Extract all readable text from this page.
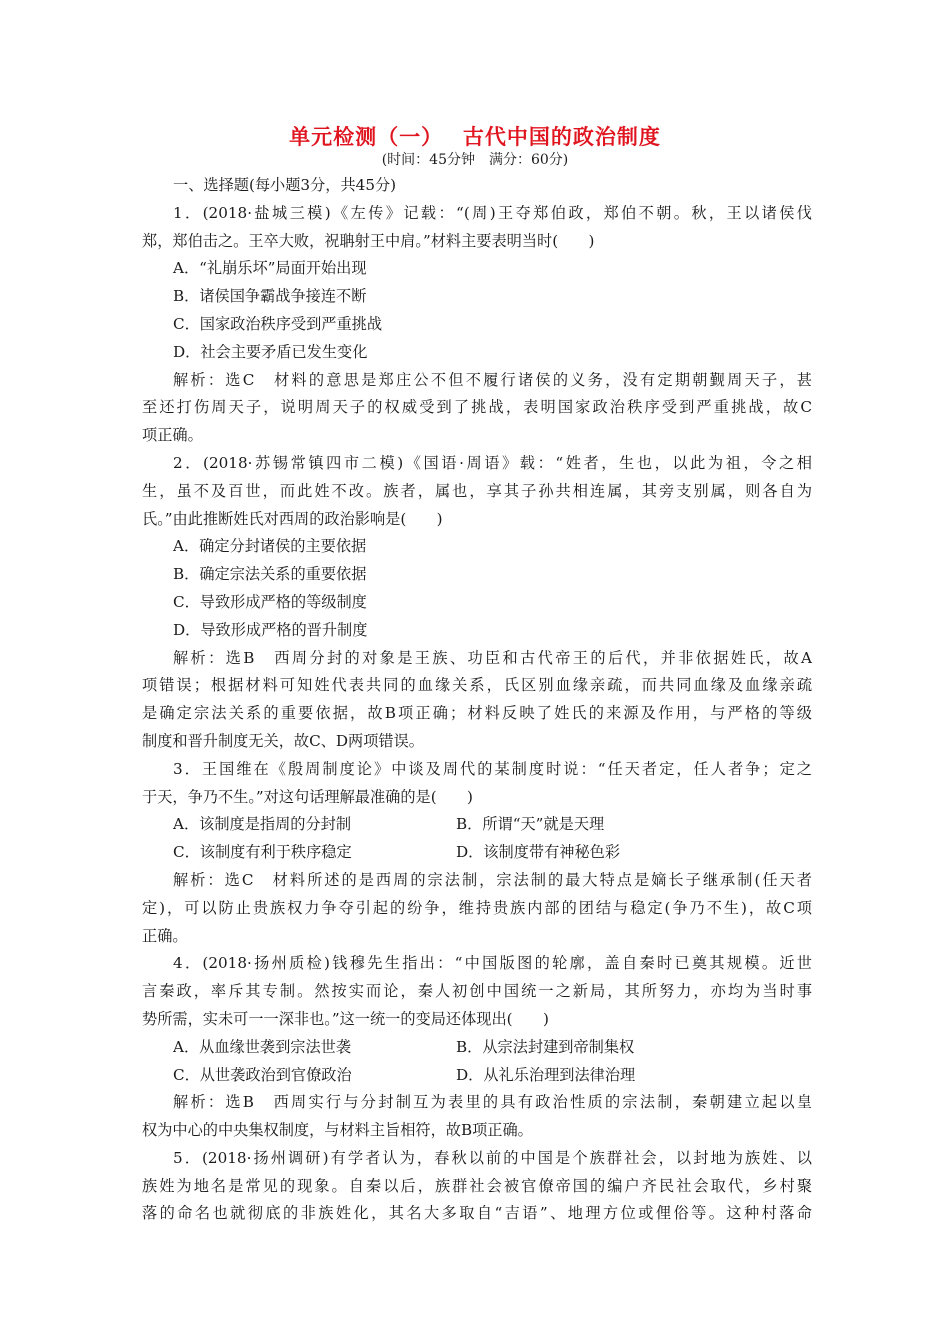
单元检测（一）　 古代中国的政治制度
(时间：45分钟　满分：60分)
一、选择题(每小题3分，共45分)
1．(2018·盐城三模)《左传》记载：“(周)王夺郑伯政，郑伯不朝。秋，王以诸侯伐
郑，郑伯击之。王卒大败，祝聃射王中肩。”材料主要表明当时(　　)
A．“礼崩乐坏”局面开始出现
B．诸侯国争霸战争接连不断
C．国家政治秩序受到严重挑战
D．社会主要矛盾已发生变化
解析：选C　材料的意思是郑庄公不但不履行诸侯的义务，没有定期朝觐周天子，甚
至还打伤周天子，说明周天子的权威受到了挑战，表明国家政治秩序受到严重挑战，故C
项正确。
2．(2018·苏锡常镇四市二模)《国语·周语》载：“姓者，生也，以此为祖，令之相
生，虽不及百世，而此姓不改。族者，属也，享其子孙共相连属，其旁支别属，则各自为
氏。”由此推断姓氏对西周的政治影响是(　　)
A．确定分封诸侯的主要依据
B．确定宗法关系的重要依据
C．导致形成严格的等级制度
D．导致形成严格的晋升制度
解析：选B　西周分封的对象是王族、功臣和古代帝王的后代，并非依据姓氏，故A
项错误；根据材料可知姓代表共同的血缘关系，氏区别血缘亲疏，而共同血缘及血缘亲疏
是确定宗法关系的重要依据，故B项正确；材料反映了姓氏的来源及作用，与严格的等级
制度和晋升制度无关，故C、D两项错误。
3．王国维在《殷周制度论》中谈及周代的某制度时说：“任天者定，任人者争；定之
于天，争乃不生。”对这句话理解最准确的是(　　)
A．该制度是指周的分封制	B．所谓“天”就是天理
C．该制度有利于秩序稳定	D．该制度带有神秘色彩
解析：选C　材料所述的是西周的宗法制，宗法制的最大特点是嫡长子继承制(任天者
定)，可以防止贵族权力争夺引起的纷争，维持贵族内部的团结与稳定(争乃不生)，故C项
正确。
4．(2018·扬州质检)钱穆先生指出：“中国版图的轮廓，盖自秦时已奠其规模。近世
言秦政，率斥其专制。然按实而论，秦人初创中国统一之新局，其所努力，亦均为当时事
势所需，实未可一一深非也。”这一统一的变局还体现出(　　)
A．从血缘世袭到宗法世袭	B．从宗法封建到帝制集权
C．从世袭政治到官僚政治	D．从礼乐治理到法律治理
解析：选B　西周实行与分封制互为表里的具有政治性质的宗法制，秦朝建立起以皇
权为中心的中央集权制度，与材料主旨相符，故B项正确。
5．(2018·扬州调研)有学者认为，春秋以前的中国是个族群社会，以封地为族姓、以
族姓为地名是常见的现象。自秦以后，族群社会被官僚帝国的编户齐民社会取代，乡村聚
落的命名也就彻底的非族姓化，其名大多取自“吉语”、地理方位或俚俗等。这种村落命
